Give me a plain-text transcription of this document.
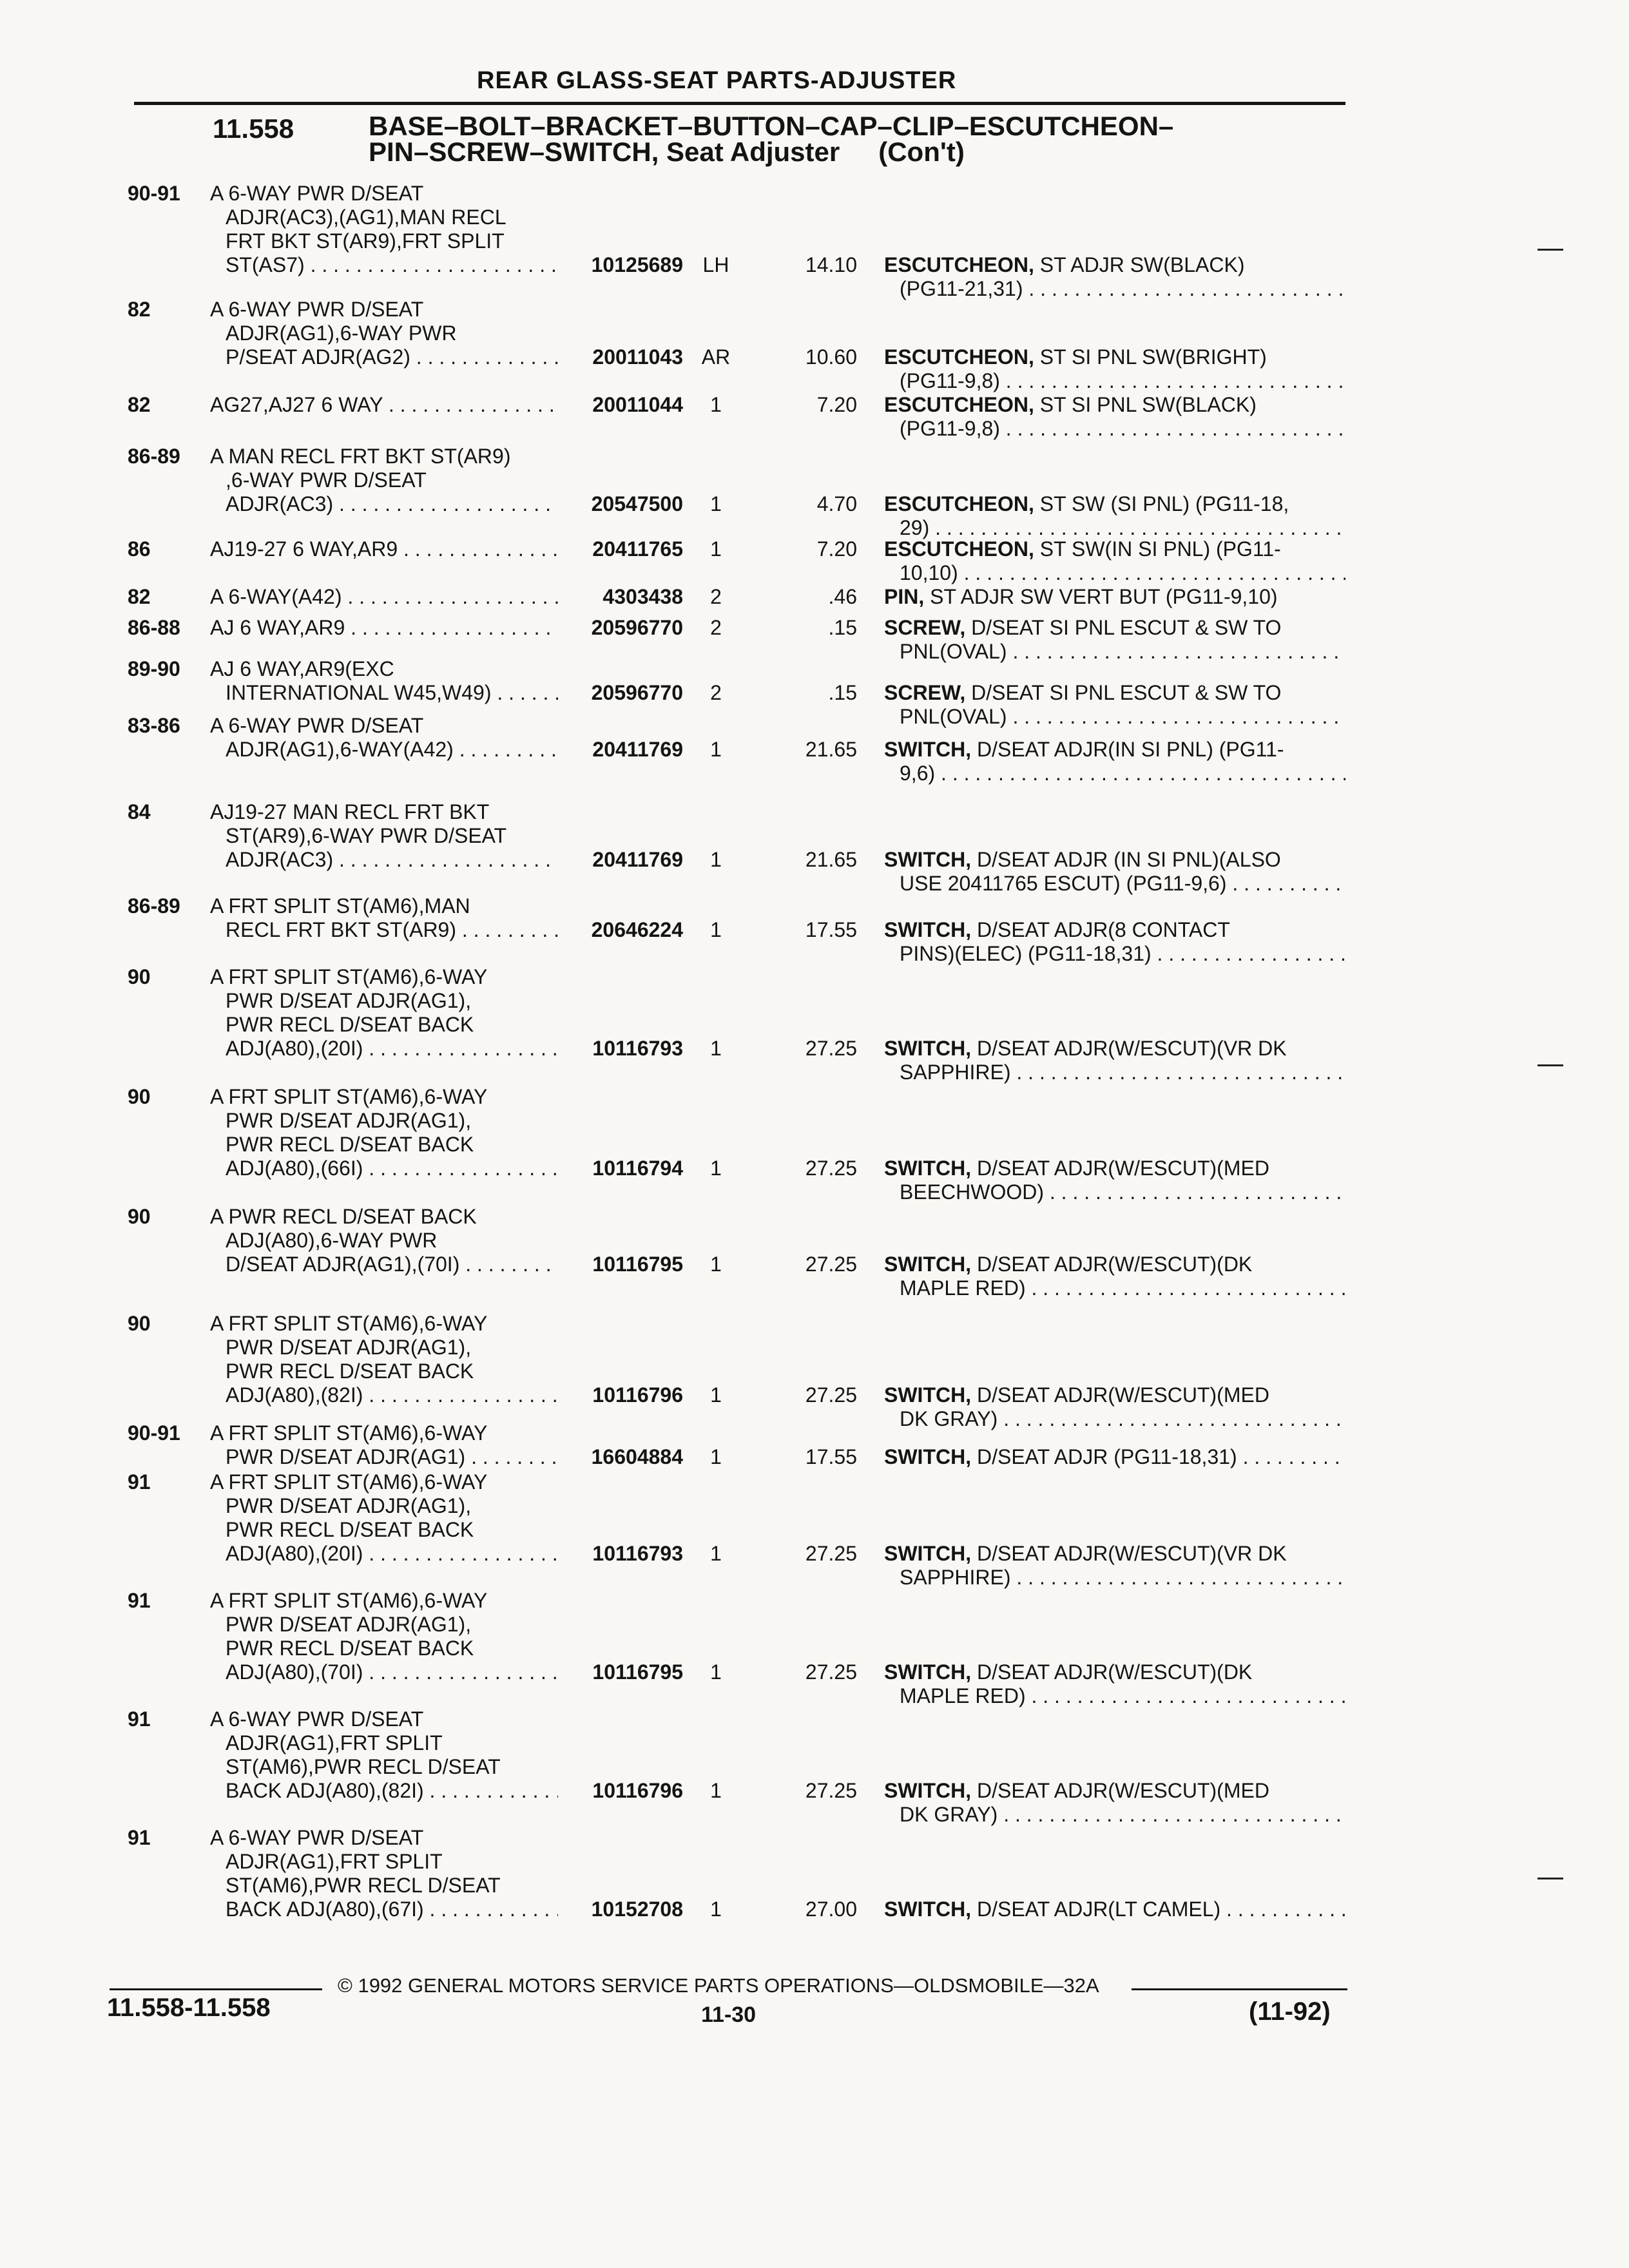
REAR GLASS-SEAT PARTS-ADJUSTER
11.558	BASE–BOLT–BRACKET–BUTTON–CAP–CLIP–ESCUTCHEON–
PIN–SCREW–SWITCH, Seat Adjuster (Con't)
90-91 A 6-WAY PWR D/SEAT
ADJR(AC3),(AG1),MAN RECL
FRT BKT ST(AR9),FRT SPLIT
ST(AS7) . . .	10125689 LH	14.10 ESCUTCHEON, ST ADJR SW(BLACK)
(PG11-21,31) . . .
82	A 6-WAY PWR D/SEAT
ADJR(AG1),6-WAY PWR
P/SEAT ADJR(AG2) . . .	20011043 AR	10.60 ESCUTCHEON, ST SI PNL SW(BRIGHT)
(PG11-9,8) . . .
82	AG27,AJ27 6 WAY . . .	20011044	1	7.20 ESCUTCHEON, ST SI PNL SW(BLACK)
(PG11-9,8) . . .
86-89 A MAN RECL FRT BKT ST(AR9)
,6-WAY PWR D/SEAT
ADJR(AC3) . . .	20547500	1	4.70 ESCUTCHEON, ST SW (SI PNL) (PG11-18,
29) . . .
86	AJ19-27 6 WAY,AR9 . . .	20411765	1	7.20 ESCUTCHEON, ST SW(IN SI PNL) (PG11-
10,10) . . .
82	A 6-WAY(A42) . . .	4303438	2	.46 PIN, ST ADJR SW VERT BUT (PG11-9,10)
86-88 AJ 6 WAY,AR9 . . .	20596770	2	.15 SCREW, D/SEAT SI PNL ESCUT & SW TO
PNL(OVAL) . . .
89-90 AJ 6 WAY,AR9(EXC
INTERNATIONAL W45,W49) . . .	20596770	2	.15 SCREW, D/SEAT SI PNL ESCUT & SW TO
PNL(OVAL) . . .
83-86 A 6-WAY PWR D/SEAT
ADJR(AG1),6-WAY(A42) . . .	20411769	1	21.65 SWITCH, D/SEAT ADJR(IN SI PNL) (PG11-
9,6) . . .
84	AJ19-27 MAN RECL FRT BKT
ST(AR9),6-WAY PWR D/SEAT
ADJR(AC3) . . .	20411769	1	21.65 SWITCH, D/SEAT ADJR (IN SI PNL)(ALSO
USE 20411765 ESCUT) (PG11-9,6) . . .
86-89 A FRT SPLIT ST(AM6),MAN
RECL FRT BKT ST(AR9) . . .	20646224	1	17.55 SWITCH, D/SEAT ADJR(8 CONTACT
PINS)(ELEC) (PG11-18,31) . . .
90	A FRT SPLIT ST(AM6),6-WAY
PWR D/SEAT ADJR(AG1),
PWR RECL D/SEAT BACK
ADJ(A80),(20I) . . .	10116793	1	27.25 SWITCH, D/SEAT ADJR(W/ESCUT)(VR DK
SAPPHIRE) . . .
90	A FRT SPLIT ST(AM6),6-WAY
PWR D/SEAT ADJR(AG1),
PWR RECL D/SEAT BACK
ADJ(A80),(66I) . . .	10116794	1	27.25 SWITCH, D/SEAT ADJR(W/ESCUT)(MED
BEECHWOOD) . . .
90	A PWR RECL D/SEAT BACK
ADJ(A80),6-WAY PWR
D/SEAT ADJR(AG1),(70I) . . .	10116795	1	27.25 SWITCH, D/SEAT ADJR(W/ESCUT)(DK
MAPLE RED) . . .
90	A FRT SPLIT ST(AM6),6-WAY
PWR D/SEAT ADJR(AG1),
PWR RECL D/SEAT BACK
ADJ(A80),(82I) . . .	10116796	1	27.25 SWITCH, D/SEAT ADJR(W/ESCUT)(MED
DK GRAY) . . .
90-91 A FRT SPLIT ST(AM6),6-WAY
PWR D/SEAT ADJR(AG1) . . .	16604884	1	17.55 SWITCH, D/SEAT ADJR (PG11-18,31) . . .
91	A FRT SPLIT ST(AM6),6-WAY
PWR D/SEAT ADJR(AG1),
PWR RECL D/SEAT BACK
ADJ(A80),(20I) . . .	10116793	1	27.25 SWITCH, D/SEAT ADJR(W/ESCUT)(VR DK
SAPPHIRE) . . .
91	A FRT SPLIT ST(AM6),6-WAY
PWR D/SEAT ADJR(AG1),
PWR RECL D/SEAT BACK
ADJ(A80),(70I) . . .	10116795	1	27.25 SWITCH, D/SEAT ADJR(W/ESCUT)(DK
MAPLE RED) . . .
91	A 6-WAY PWR D/SEAT
ADJR(AG1),FRT SPLIT
ST(AM6),PWR RECL D/SEAT
BACK ADJ(A80),(82I) . . .	10116796	1	27.25 SWITCH, D/SEAT ADJR(W/ESCUT)(MED
DK GRAY) . . .
91	A 6-WAY PWR D/SEAT
ADJR(AG1),FRT SPLIT
ST(AM6),PWR RECL D/SEAT
BACK ADJ(A80),(67I) . . .	10152708	1	27.00 SWITCH, D/SEAT ADJR(LT CAMEL) . . .
© 1992 GENERAL MOTORS SERVICE PARTS OPERATIONS—OLDSMOBILE—32A
11.558-11.558	11-30	(11-92)
